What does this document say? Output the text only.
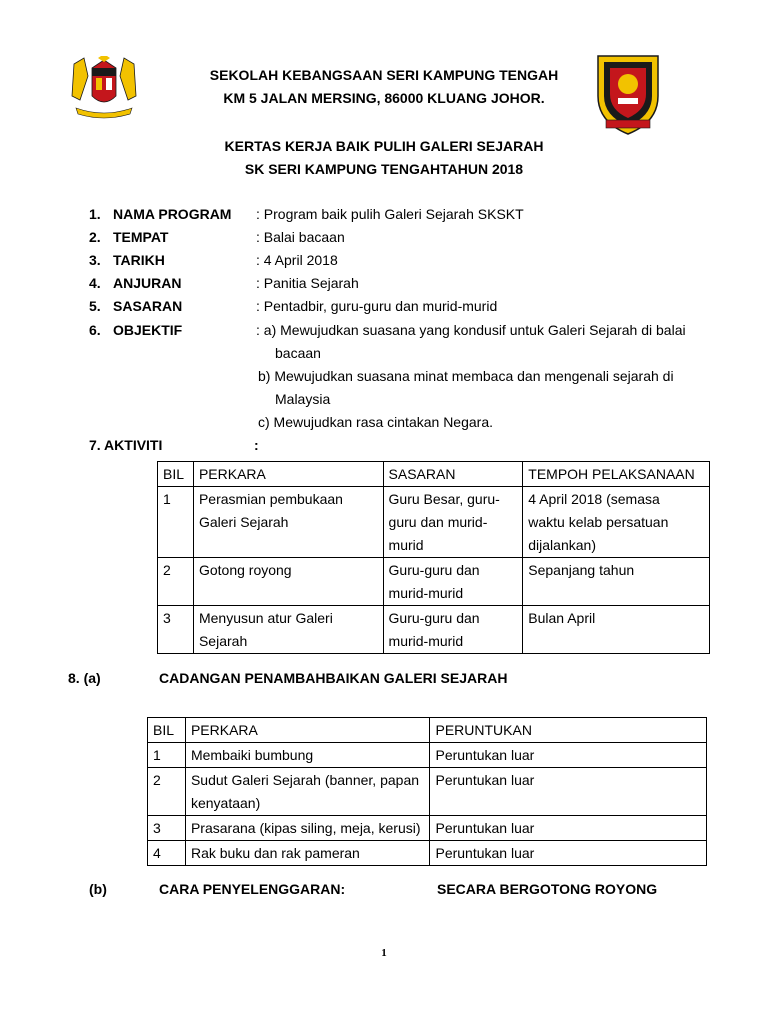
SEKOLAH KEBANGSAAN SERI KAMPUNG TENGAH
KM 5 JALAN MERSING, 86000 KLUANG JOHOR.
KERTAS KERJA BAIK PULIH GALERI SEJARAH
SK SERI KAMPUNG TENGAHTAHUN 2018
1. NAMA PROGRAM : Program baik pulih Galeri Sejarah SKSKT
2. TEMPAT	: Balai bacaan
3. TARIKH	: 4 April 2018
4. ANJURAN	: Panitia Sejarah
5. SASARAN	: Pentadbir, guru-guru dan murid-murid
6. OBJEKTIF	: a) Mewujudkan suasana yang kondusif untuk Galeri Sejarah di balai
bacaan
b) Mewujudkan suasana minat membaca dan mengenali sejarah di
Malaysia
c) Mewujudkan rasa cintakan Negara.
7. AKTIVITI	:
BIL	PERKARA	SASARAN	TEMPOH PELAKSANAAN
1	Perasmian pembukaan
Galeri Sejarah	Guru Besar, guru-
guru dan murid-
murid	4 April 2018 (semasa
waktu kelab persatuan
dijalankan)
2	Gotong royong	Guru-guru dan
murid-murid	Sepanjang tahun
3	Menyusun atur Galeri
Sejarah	Guru-guru dan
murid-murid	Bulan April
8. (a)	CADANGAN PENAMBAHBAIKAN GALERI SEJARAH
BIL	PERKARA	PERUNTUKAN
1	Membaiki bumbung	Peruntukan luar
2	Sudut Galeri Sejarah (banner, papan
kenyataan)	Peruntukan luar
3	Prasarana (kipas siling, meja, kerusi)	Peruntukan luar
4	Rak buku dan rak pameran	Peruntukan luar
(b)	CARA PENYELENGGARAN:	SECARA BERGOTONG ROYONG
1
